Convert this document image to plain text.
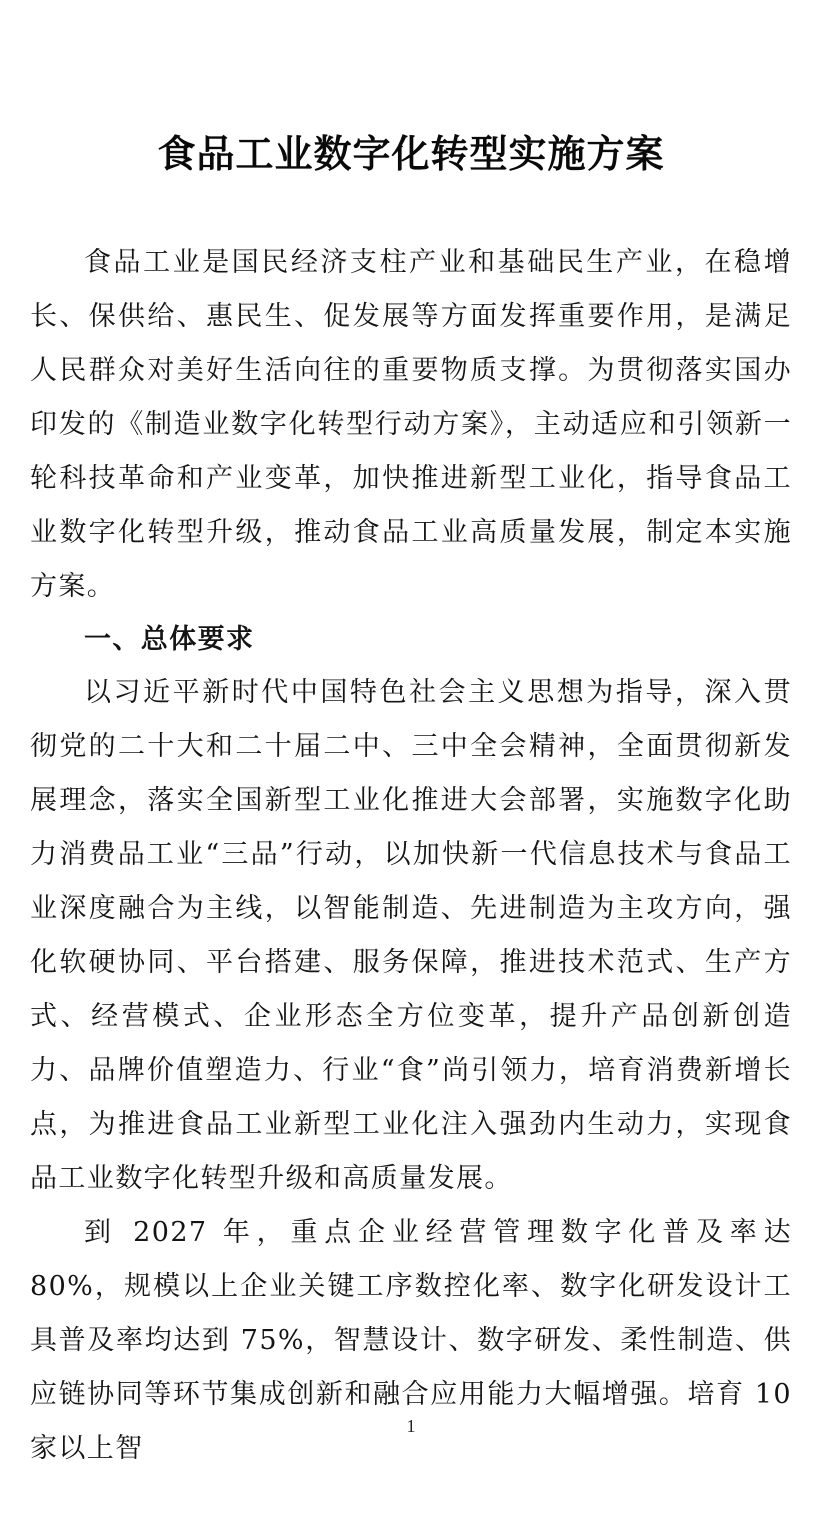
食品工业数字化转型实施方案

食品工业是国民经济支柱产业和基础民生产业，在稳增长、保供给、惠民生、促发展等方面发挥重要作用，是满足人民群众对美好生活向往的重要物质支撑。为贯彻落实国办印发的《制造业数字化转型行动方案》，主动适应和引领新一轮科技革命和产业变革，加快推进新型工业化，指导食品工业数字化转型升级，推动食品工业高质量发展，制定本实施方案。

一、总体要求

以习近平新时代中国特色社会主义思想为指导，深入贯彻党的二十大和二十届二中、三中全会精神，全面贯彻新发展理念，落实全国新型工业化推进大会部署，实施数字化助力消费品工业“三品”行动，以加快新一代信息技术与食品工业深度融合为主线，以智能制造、先进制造为主攻方向，强化软硬协同、平台搭建、服务保障，推进技术范式、生产方式、经营模式、企业形态全方位变革，提升产品创新创造力、品牌价值塑造力、行业“食”尚引领力，培育消费新增长点，为推进食品工业新型工业化注入强劲内生动力，实现食品工业数字化转型升级和高质量发展。

到 2027 年，重点企业经营管理数字化普及率达 80%，规模以上企业关键工序数控化率、数字化研发设计工具普及率均达到 75%，智慧设计、数字研发、柔性制造、供应链协同等环节集成创新和融合应用能力大幅增强。培育 10 家以上智

1
